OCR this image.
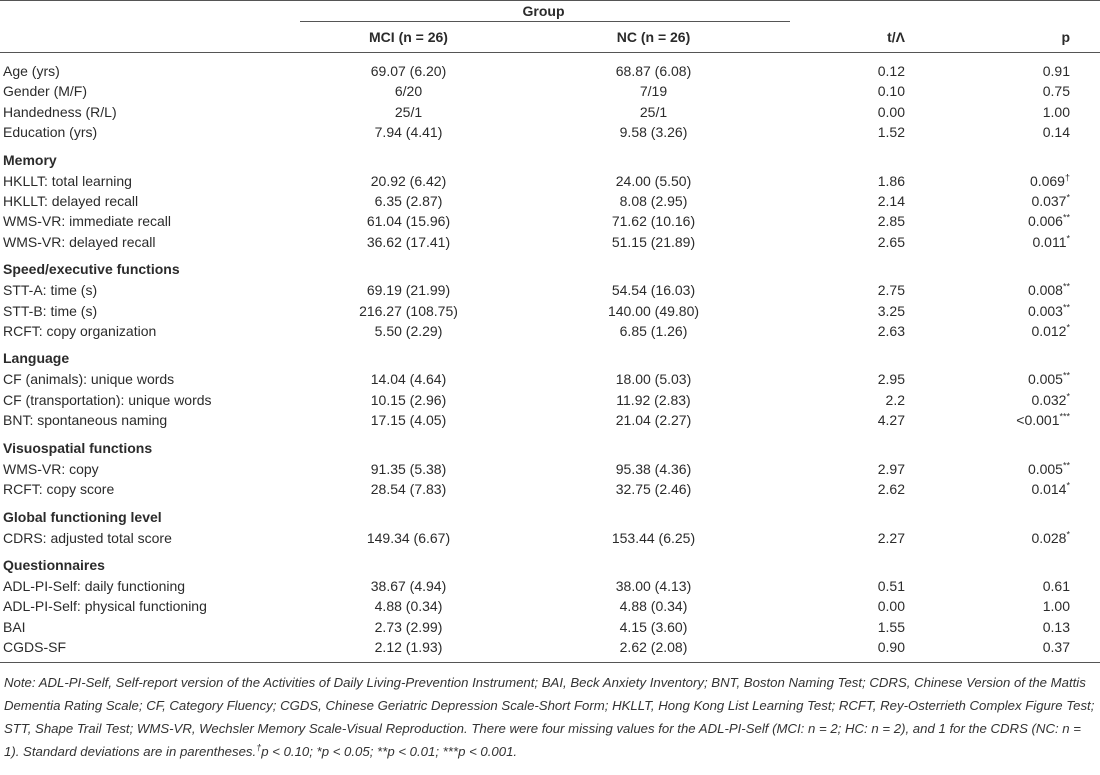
	Group			
	MCI (n = 26)	NC (n = 26)	t/Λ	p
Age (yrs)	69.07 (6.20)	68.87 (6.08)	0.12	0.91
Gender (M/F)	6/20	7/19	0.10	0.75
Handedness (R/L)	25/1	25/1	0.00	1.00
Education (yrs)	7.94 (4.41)	9.58 (3.26)	1.52	0.14
Memory				
HKLLT: total learning	20.92 (6.42)	24.00 (5.50)	1.86	0.069†
HKLLT: delayed recall	6.35 (2.87)	8.08 (2.95)	2.14	0.037*
WMS-VR: immediate recall	61.04 (15.96)	71.62 (10.16)	2.85	0.006**
WMS-VR: delayed recall	36.62 (17.41)	51.15 (21.89)	2.65	0.011*
Speed/executive functions				
STT-A: time (s)	69.19 (21.99)	54.54 (16.03)	2.75	0.008**
STT-B: time (s)	216.27 (108.75)	140.00 (49.80)	3.25	0.003**
RCFT: copy organization	5.50 (2.29)	6.85 (1.26)	2.63	0.012*
Language				
CF (animals): unique words	14.04 (4.64)	18.00 (5.03)	2.95	0.005**
CF (transportation): unique words	10.15 (2.96)	11.92 (2.83)	2.2	0.032*
BNT: spontaneous naming	17.15 (4.05)	21.04 (2.27)	4.27	<0.001***
Visuospatial functions				
WMS-VR: copy	91.35 (5.38)	95.38 (4.36)	2.97	0.005**
RCFT: copy score	28.54 (7.83)	32.75 (2.46)	2.62	0.014*
Global functioning level				
CDRS: adjusted total score	149.34 (6.67)	153.44 (6.25)	2.27	0.028*
Questionnaires				
ADL-PI-Self: daily functioning	38.67 (4.94)	38.00 (4.13)	0.51	0.61
ADL-PI-Self: physical functioning	4.88 (0.34)	4.88 (0.34)	0.00	1.00
BAI	2.73 (2.99)	4.15 (3.60)	1.55	0.13
CGDS-SF	2.12 (1.93)	2.62 (2.08)	0.90	0.37

Note: ADL-PI-Self, Self-report version of the Activities of Daily Living-Prevention Instrument; BAI, Beck Anxiety Inventory; BNT, Boston Naming Test; CDRS, Chinese Version of the Mattis Dementia Rating Scale; CF, Category Fluency; CGDS, Chinese Geriatric Depression Scale-Short Form; HKLLT, Hong Kong List Learning Test; RCFT, Rey-Osterrieth Complex Figure Test; STT, Shape Trail Test; WMS-VR, Wechsler Memory Scale-Visual Reproduction. There were four missing values for the ADL-PI-Self (MCI: n = 2; HC: n = 2), and 1 for the CDRS (NC: n = 1). Standard deviations are in parentheses.†p < 0.10; *p < 0.05; **p < 0.01; ***p < 0.001.
